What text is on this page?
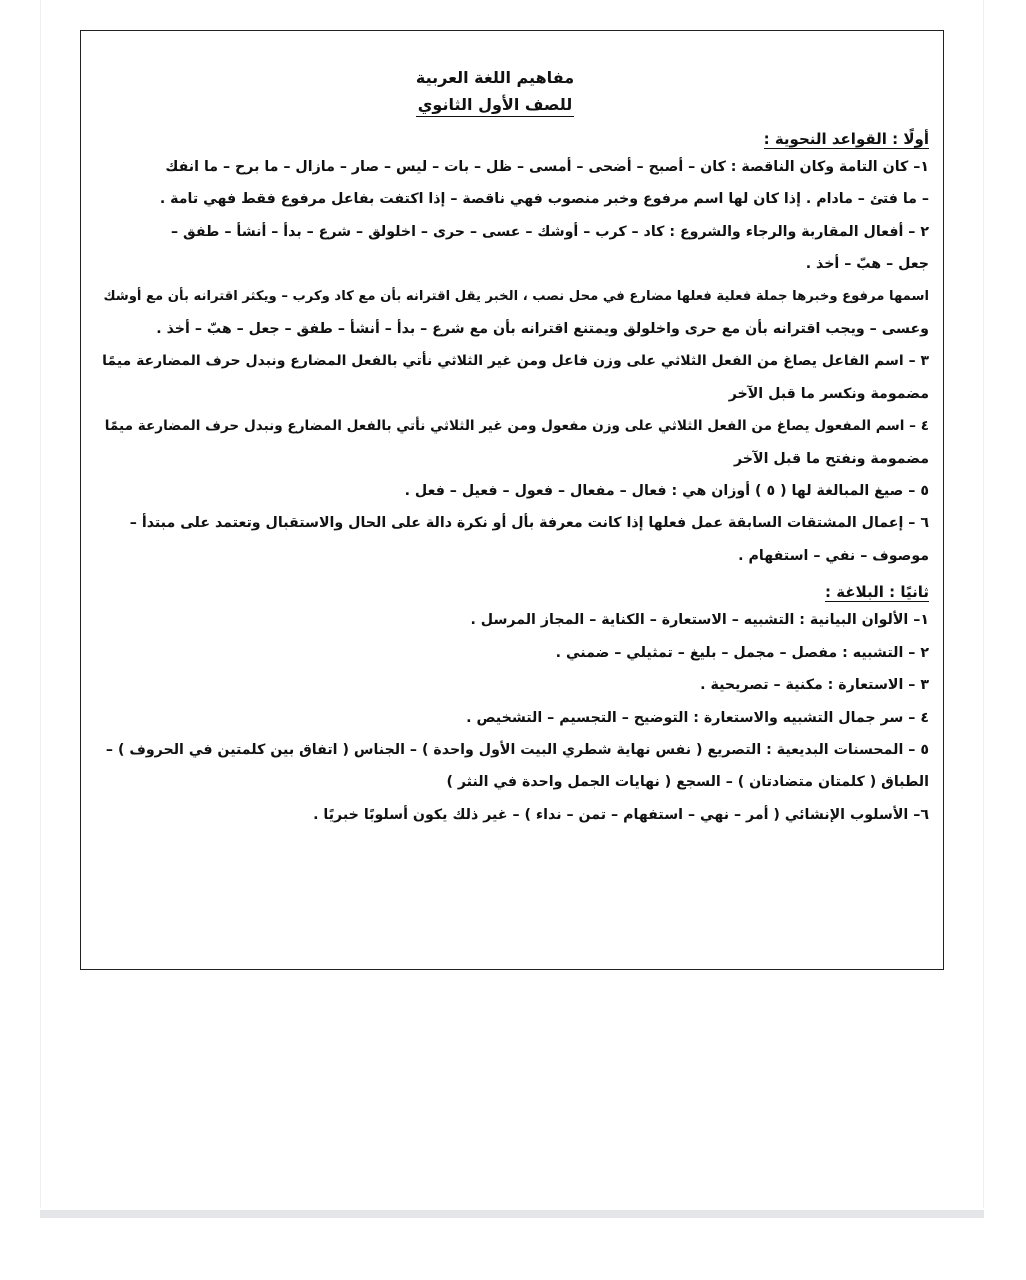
مفاهيم اللغة العربية
للصف الأول الثانوي
أولًا : القواعد النحوية :
١– كان التامة وكان الناقصة : كان – أصبح – أضحى – أمسى – ظل – بات – ليس – صار – مازال – ما برح – ما انفك
– ما فتئ – مادام . إذا كان لها اسم مرفوع وخبر منصوب فهي ناقصة – إذا اكتفت بفاعل مرفوع فقط فهي تامة .
٢ – أفعال المقاربة والرجاء والشروع : كاد – كرب – أوشك – عسى – حرى – اخلولق – شرع – بدأ – أنشأ – طفق –
جعل – هبّ – أخذ .
اسمها مرفوع وخبرها جملة فعلية فعلها مضارع في محل نصب ، الخبر يقل اقترانه بأن مع كاد وكرب – ويكثر اقترانه بأن مع أوشك
وعسى – ويجب اقترانه بأن مع حرى واخلولق ويمتنع اقترانه بأن مع شرع – بدأ – أنشأ – طفق – جعل – هبّ – أخذ .
٣ – اسم الفاعل يصاغ من الفعل الثلاثي على وزن فاعل ومن غير الثلاثي نأتي بالفعل المضارع ونبدل حرف المضارعة ميمًا
مضمومة ونكسر ما قبل الآخر
٤ – اسم المفعول يصاغ من الفعل الثلاثي على وزن مفعول ومن غير الثلاثي نأتي بالفعل المضارع ونبدل حرف المضارعة ميمًا
مضمومة ونفتح ما قبل الآخر
٥ – صيغ المبالغة لها ( ٥ ) أوزان هي : فعال – مفعال – فعول – فعيل – فعل .
٦ – إعمال المشتقات السابقة عمل فعلها إذا كانت معرفة بأل أو نكرة دالة على الحال والاستقبال وتعتمد على مبتدأ –
موصوف – نفي – استفهام .
ثانيًا : البلاغة :
١– الألوان البيانية : التشبيه – الاستعارة – الكناية – المجاز المرسل .
٢ – التشبيه : مفصل – مجمل – بليغ – تمثيلي – ضمني .
٣ – الاستعارة : مكنية – تصريحية .
٤ – سر جمال التشبيه والاستعارة : التوضيح – التجسيم – التشخيص .
٥ – المحسنات البديعية : التصريع ( نفس نهاية شطري البيت الأول واحدة ) – الجناس ( اتفاق بين كلمتين في الحروف ) –
الطباق ( كلمتان متضادتان ) – السجع ( نهايات الجمل واحدة في النثر )
٦– الأسلوب الإنشائي ( أمر – نهي – استفهام – تمن – نداء ) – غير ذلك يكون أسلوبًا خبريًا .
